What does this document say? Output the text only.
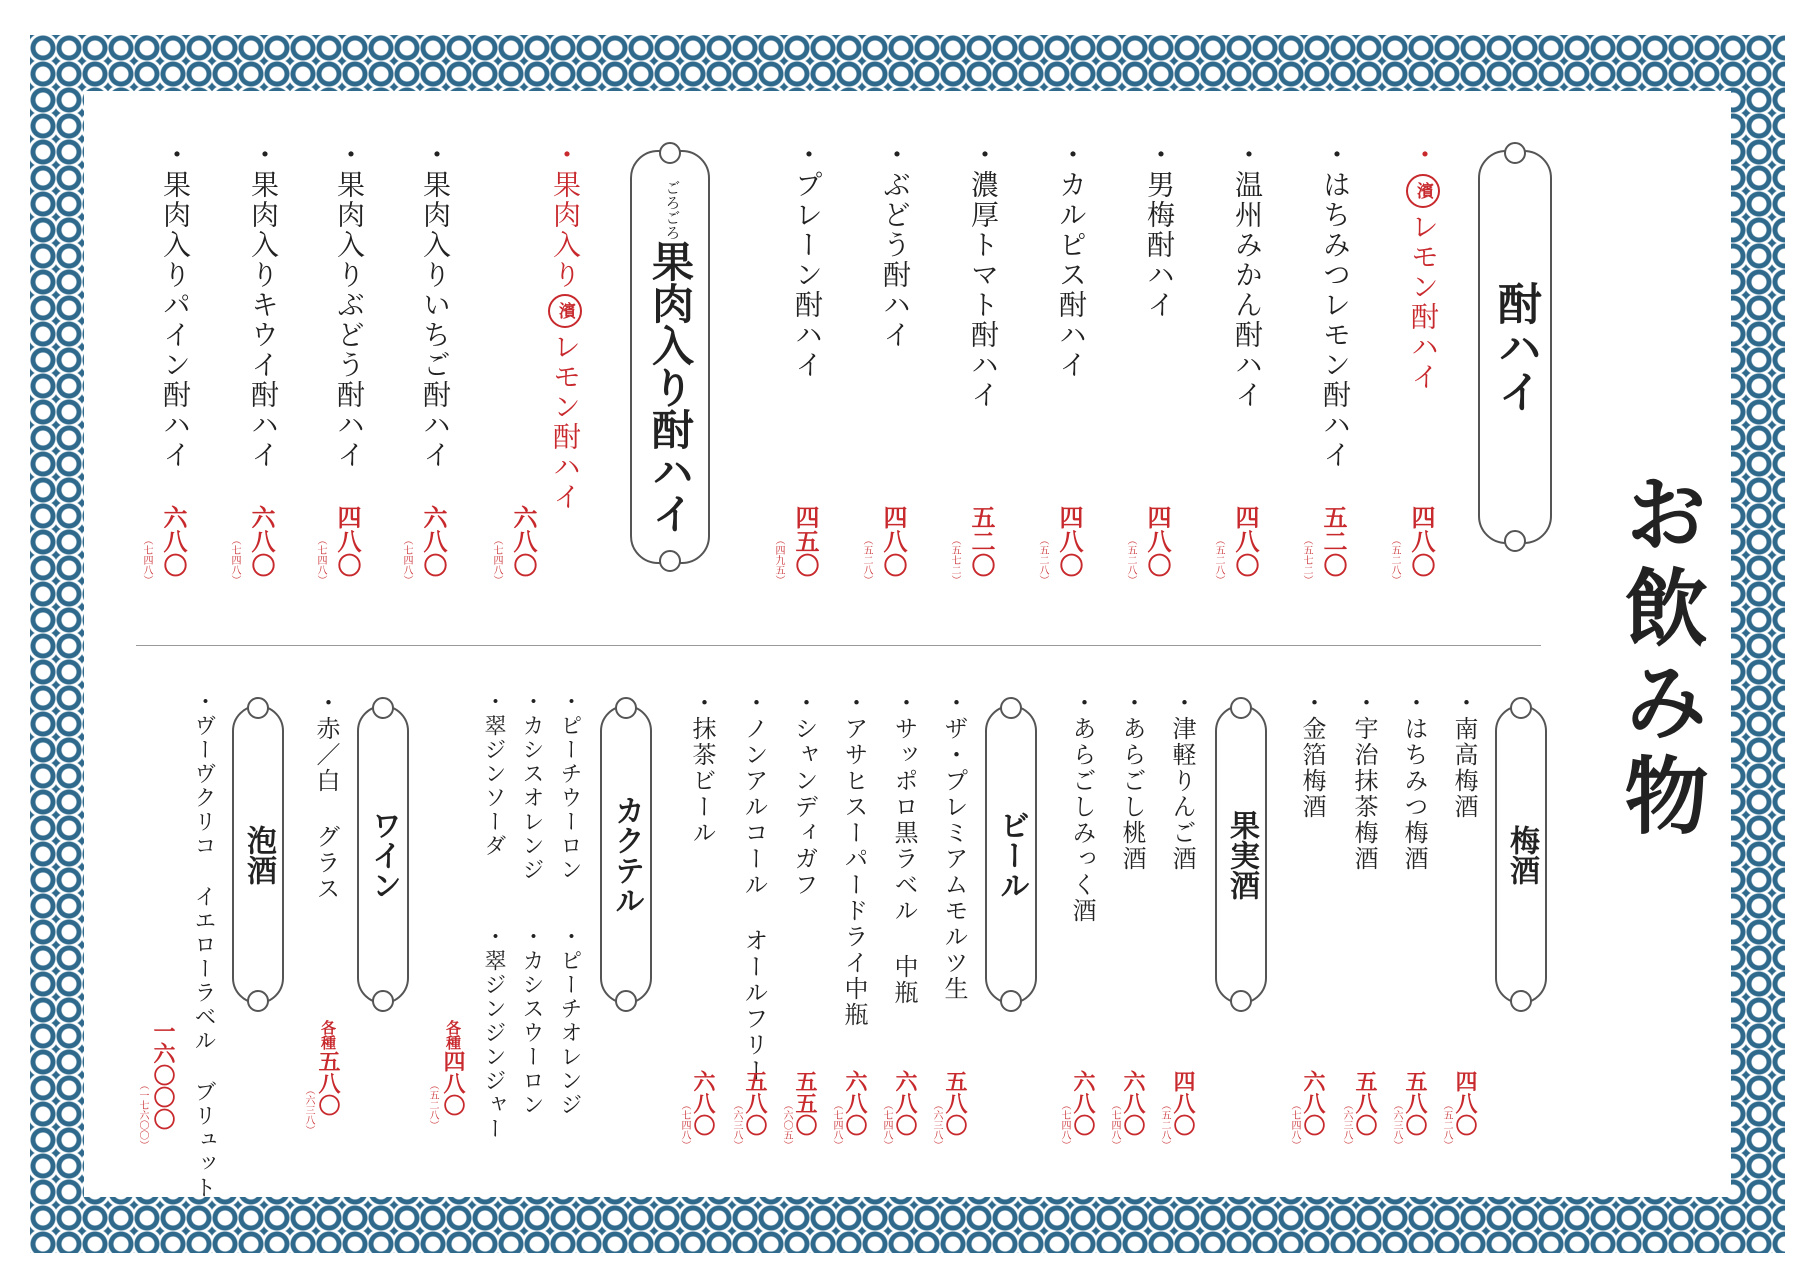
お飲み物
酎ハイ
・濱レモン酎ハイ
四八〇
（五二八）
・はちみつレモン酎ハイ
五二〇
（五七二）
・温州みかん酎ハイ
四八〇
（五二八）
・男梅酎ハイ
四八〇
（五二八）
・カルピス酎ハイ
四八〇
（五二八）
・濃厚トマト酎ハイ
五二〇
（五七二）
・ぶどう酎ハイ
四八〇
（五二八）
・プレーン酎ハイ
四五〇
（四九五）
ごろごろ
果肉入り酎ハイ
・果肉入り濱レモン酎ハイ
六八〇
（七四八）
・果肉入りいちご酎ハイ
六八〇
（七四八）
・果肉入りぶどう酎ハイ
四八〇
（七四八）
・果肉入りキウイ酎ハイ
六八〇
（七四八）
・果肉入りパイン酎ハイ
六八〇
（七四八）
梅酒
・南高梅酒
四八〇
（五二八）
・はちみつ梅酒
五八〇
（六三八）
・宇治抹茶梅酒
五八〇
（六三八）
・金箔梅酒
六八〇
（七四八）
果実酒
・津軽りんご酒
四八〇
（五二八）
・あらごし桃酒
六八〇
（七四八）
・あらごしみっく酒
六八〇
（七四八）
ビール
・ザ・プレミアムモルツ生
五八〇
（六三八）
・サッポロ黒ラベル 中瓶
六八〇
（七四八）
・アサヒスーパードライ中瓶
六八〇
（七四八）
・シャンディガフ
五五〇
（六〇五）
・ノンアルコール オールフリー
五八〇
（六三八）
・抹茶ビール
六八〇
（七四八）
カクテル
・ピーチウーロン
・カシスオレンジ
・翠ジンソーダ
・ピーチオレンジ
・カシスウーロン
・翠ジンジンジャー
各種四八〇
（五二八）
ワイン
・赤／白 グラス
各種五八〇
（六三八）
泡酒
・ヴーヴクリコ イエローラベル ブリュット
一六〇〇〇
（一七六〇〇）
